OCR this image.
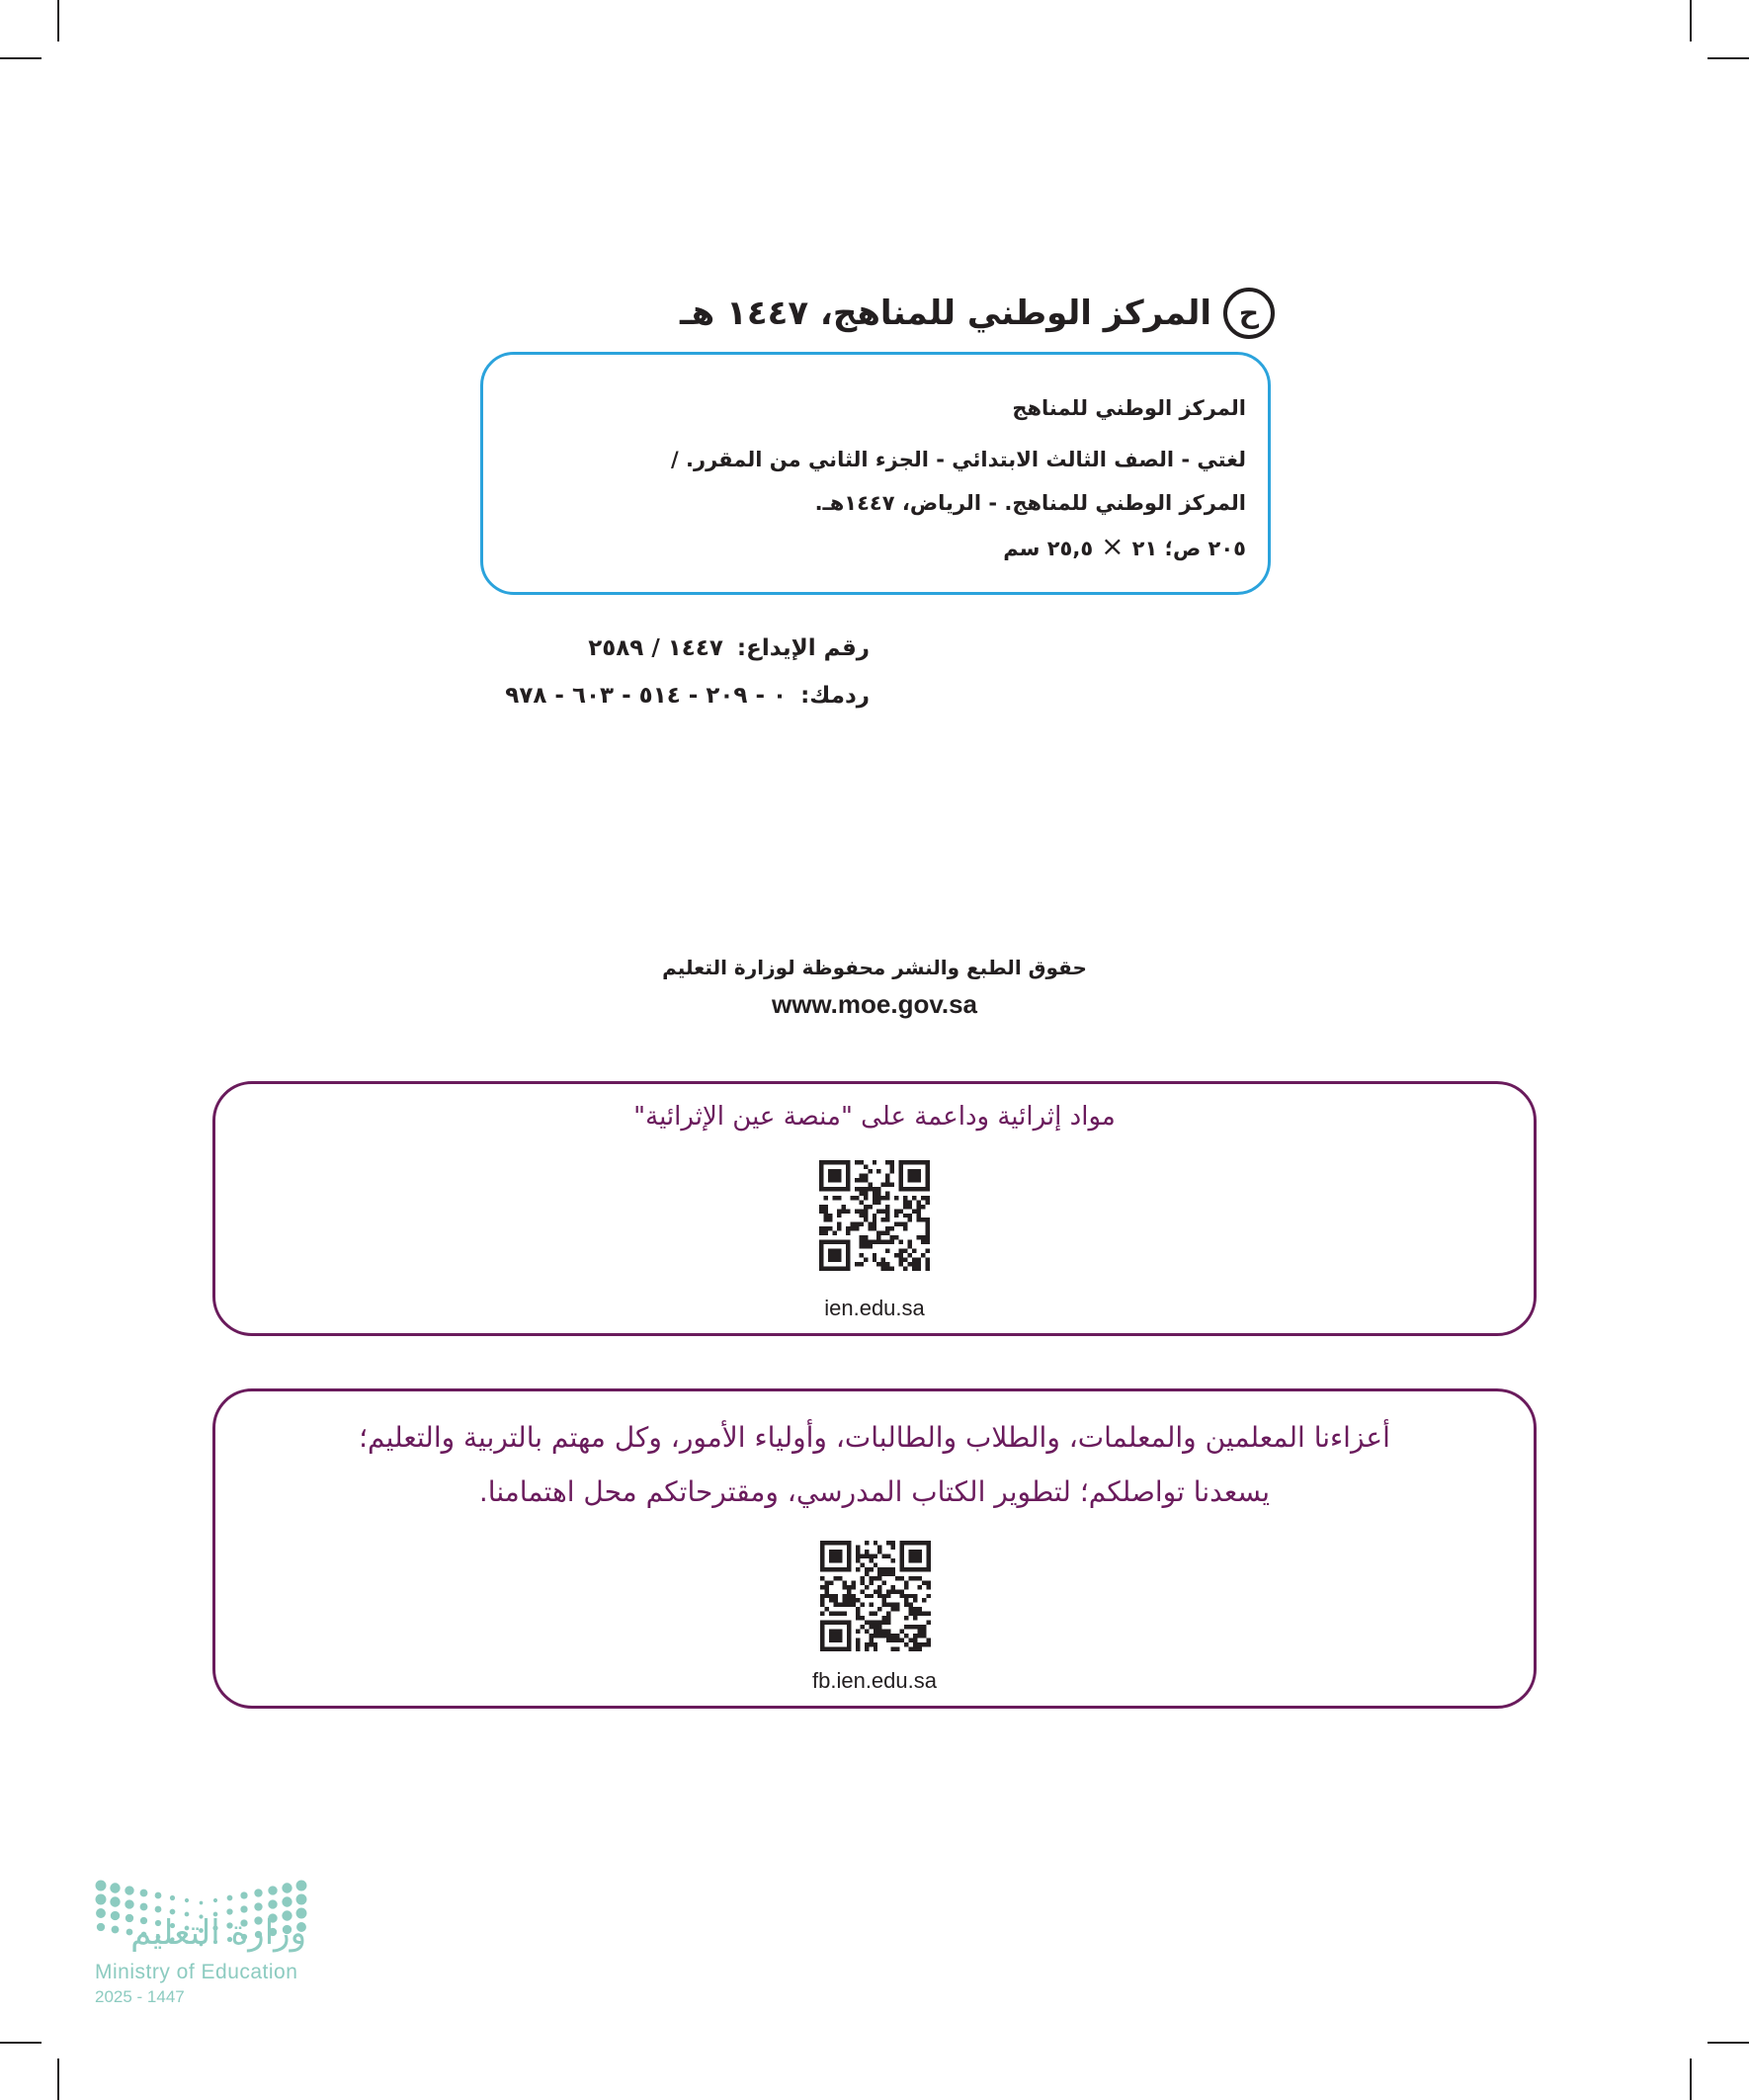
ح
المركز الوطني للمناهج، ١٤٤٧ هـ
المركز الوطني للمناهج
لغتي - الصف الثالث الابتدائي - الجزء الثاني من المقرر. /
المركز الوطني للمناهج. - الرياض، ١٤٤٧هـ.
٢٠٥ ص؛ ٢١×٢٥,٥ سم
رقم الإيداع:١٤٤٧ / ٢٥٨٩
ردمك:٠ - ٢٠٩ - ٥١٤ - ٦٠٣ - ٩٧٨
حقوق الطبع والنشر محفوظة لوزارة التعليم
www.moe.gov.sa
مواد إثرائية وداعمة على "منصة عين الإثرائية"
ien.edu.sa
أعزاءنا المعلمين والمعلمات، والطلاب والطالبات، وأولياء الأمور، وكل مهتم بالتربية والتعليم؛
يسعدنا تواصلكم؛ لتطوير الكتاب المدرسي، ومقترحاتكم محل اهتمامنا.
fb.ien.edu.sa
وزارة التعليم
Ministry of Education
2025 - 1447
